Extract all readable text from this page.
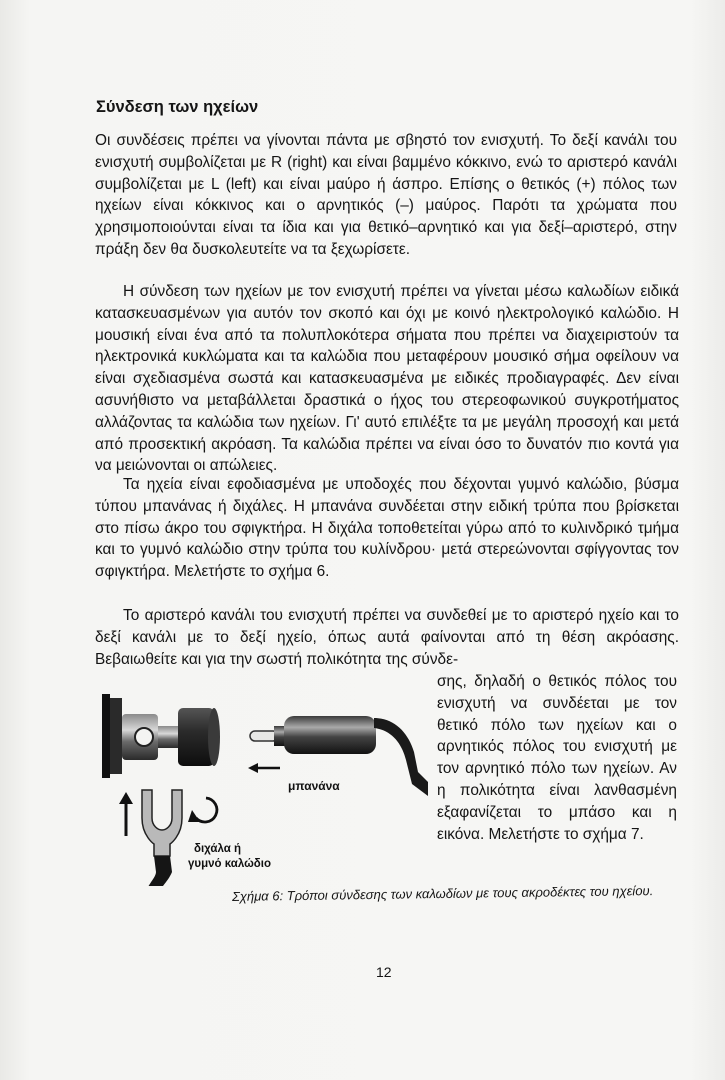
Σύνδεση των ηχείων

Οι συνδέσεις πρέπει να γίνονται πάντα με σβηστό τον ενισχυτή. Το δεξί κανάλι του ενισχυτή συμβολίζεται με R (right) και είναι βαμμένο κόκκινο, ενώ το αριστερό κανάλι συμβολίζεται με L (left) και είναι μαύρο ή άσπρο. Επίσης ο θετικός (+) πόλος των ηχείων είναι κόκκινος και ο αρνητικός (–) μαύρος. Παρότι τα χρώματα που χρησιμοποιούνται είναι τα ίδια και για θετικό–αρνητικό και για δεξί–αριστερό, στην πράξη δεν θα δυσκολευτείτε να τα ξεχωρίσετε.

Η σύνδεση των ηχείων με τον ενισχυτή πρέπει να γίνεται μέσω καλωδίων ειδικά κατασκευασμένων για αυτόν τον σκοπό και όχι με κοινό ηλεκτρολογικό καλώδιο. Η μουσική είναι ένα από τα πολυπλοκότερα σήματα που πρέπει να διαχειριστούν τα ηλεκτρονικά κυκλώματα και τα καλώδια που μεταφέρουν μουσικό σήμα οφείλουν να είναι σχεδιασμένα σωστά και κατασκευασμένα με ειδικές προδιαγραφές. Δεν είναι ασυνήθιστο να μεταβάλλεται δραστικά ο ήχος του στερεοφωνικού συγκροτήματος αλλάζοντας τα καλώδια των ηχείων. Γι' αυτό επιλέξτε τα με μεγάλη προσοχή και μετά από προσεκτική ακρόαση. Τα καλώδια πρέπει να είναι όσο το δυνατόν πιο κοντά για να μειώνονται οι απώλειες.

Τα ηχεία είναι εφοδιασμένα με υποδοχές που δέχονται γυμνό καλώδιο, βύσμα τύπου μπανάνας ή διχάλες. Η μπανάνα συνδέεται στην ειδική τρύπα που βρίσκεται στο πίσω άκρο του σφιγκτήρα. Η διχάλα τοποθετείται γύρω από το κυλινδρικό τμήμα και το γυμνό καλώδιο στην τρύπα του κυλίνδρου· μετά στερεώνονται σφίγγοντας τον σφιγκτήρα. Μελετήστε το σχήμα 6.

Το αριστερό κανάλι του ενισχυτή πρέπει να συνδεθεί με το αριστερό ηχείο και το δεξί κανάλι με το δεξί ηχείο, όπως αυτά φαίνονται από τη θέση ακρόασης. Βεβαιωθείτε και για την σωστή πολικότητα της σύνδε-

σης, δηλαδή ο θετικός πόλος του ενισχυτή να συνδέεται με τον θετικό πόλο των ηχείων και ο αρνητικός πόλος του ενισχυτή με τον αρνητικό πόλο των ηχείων. Αν η πολικότητα είναι λανθασμένη εξαφανίζεται το μπάσο και η εικόνα. Μελετήστε το σχήμα 7.

μπανάνα
διχάλα ή
γυμνό καλώδιο

Σχήμα 6: Τρόποι σύνδεσης των καλωδίων με τους ακροδέκτες του ηχείου.

12
